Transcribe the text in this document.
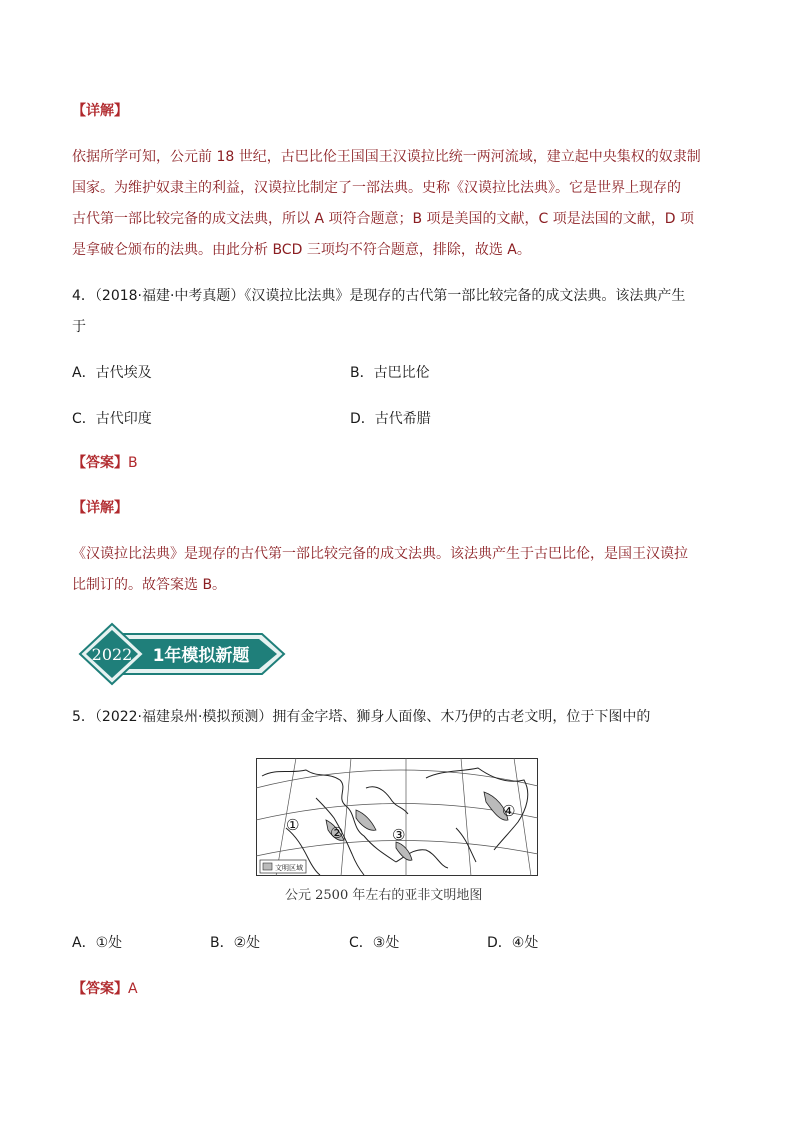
【详解】
依据所学可知，公元前 18 世纪，古巴比伦王国国王汉谟拉比统一两河流域，建立起中央集权的奴隶制
国家。为维护奴隶主的利益，汉谟拉比制定了一部法典。史称《汉谟拉比法典》。它是世界上现存的
古代第一部比较完备的成文法典，所以 A 项符合题意；B 项是美国的文献，C 项是法国的文献，D 项
是拿破仑颁布的法典。由此分析 BCD 三项均不符合题意，排除，故选 A。
4．（2018·福建·中考真题）《汉谟拉比法典》是现存的古代第一部比较完备的成文法典。该法典产生
于
A．古代埃及	B．古巴比伦
C．古代印度	D．古代希腊
【答案】B
【详解】
《汉谟拉比法典》是现存的古代第一部比较完备的成文法典。该法典产生于古巴比伦，是国王汉谟拉
比制订的。故答案选 B。
2022 1年模拟新题
5．（2022·福建泉州·模拟预测）拥有金字塔、狮身人面像、木乃伊的古老文明，位于下图中的
① ②	③
④
文明区域
公元 2500 年左右的亚非文明地图
A．①处	B．②处	C．③处	D．④处
【答案】A
